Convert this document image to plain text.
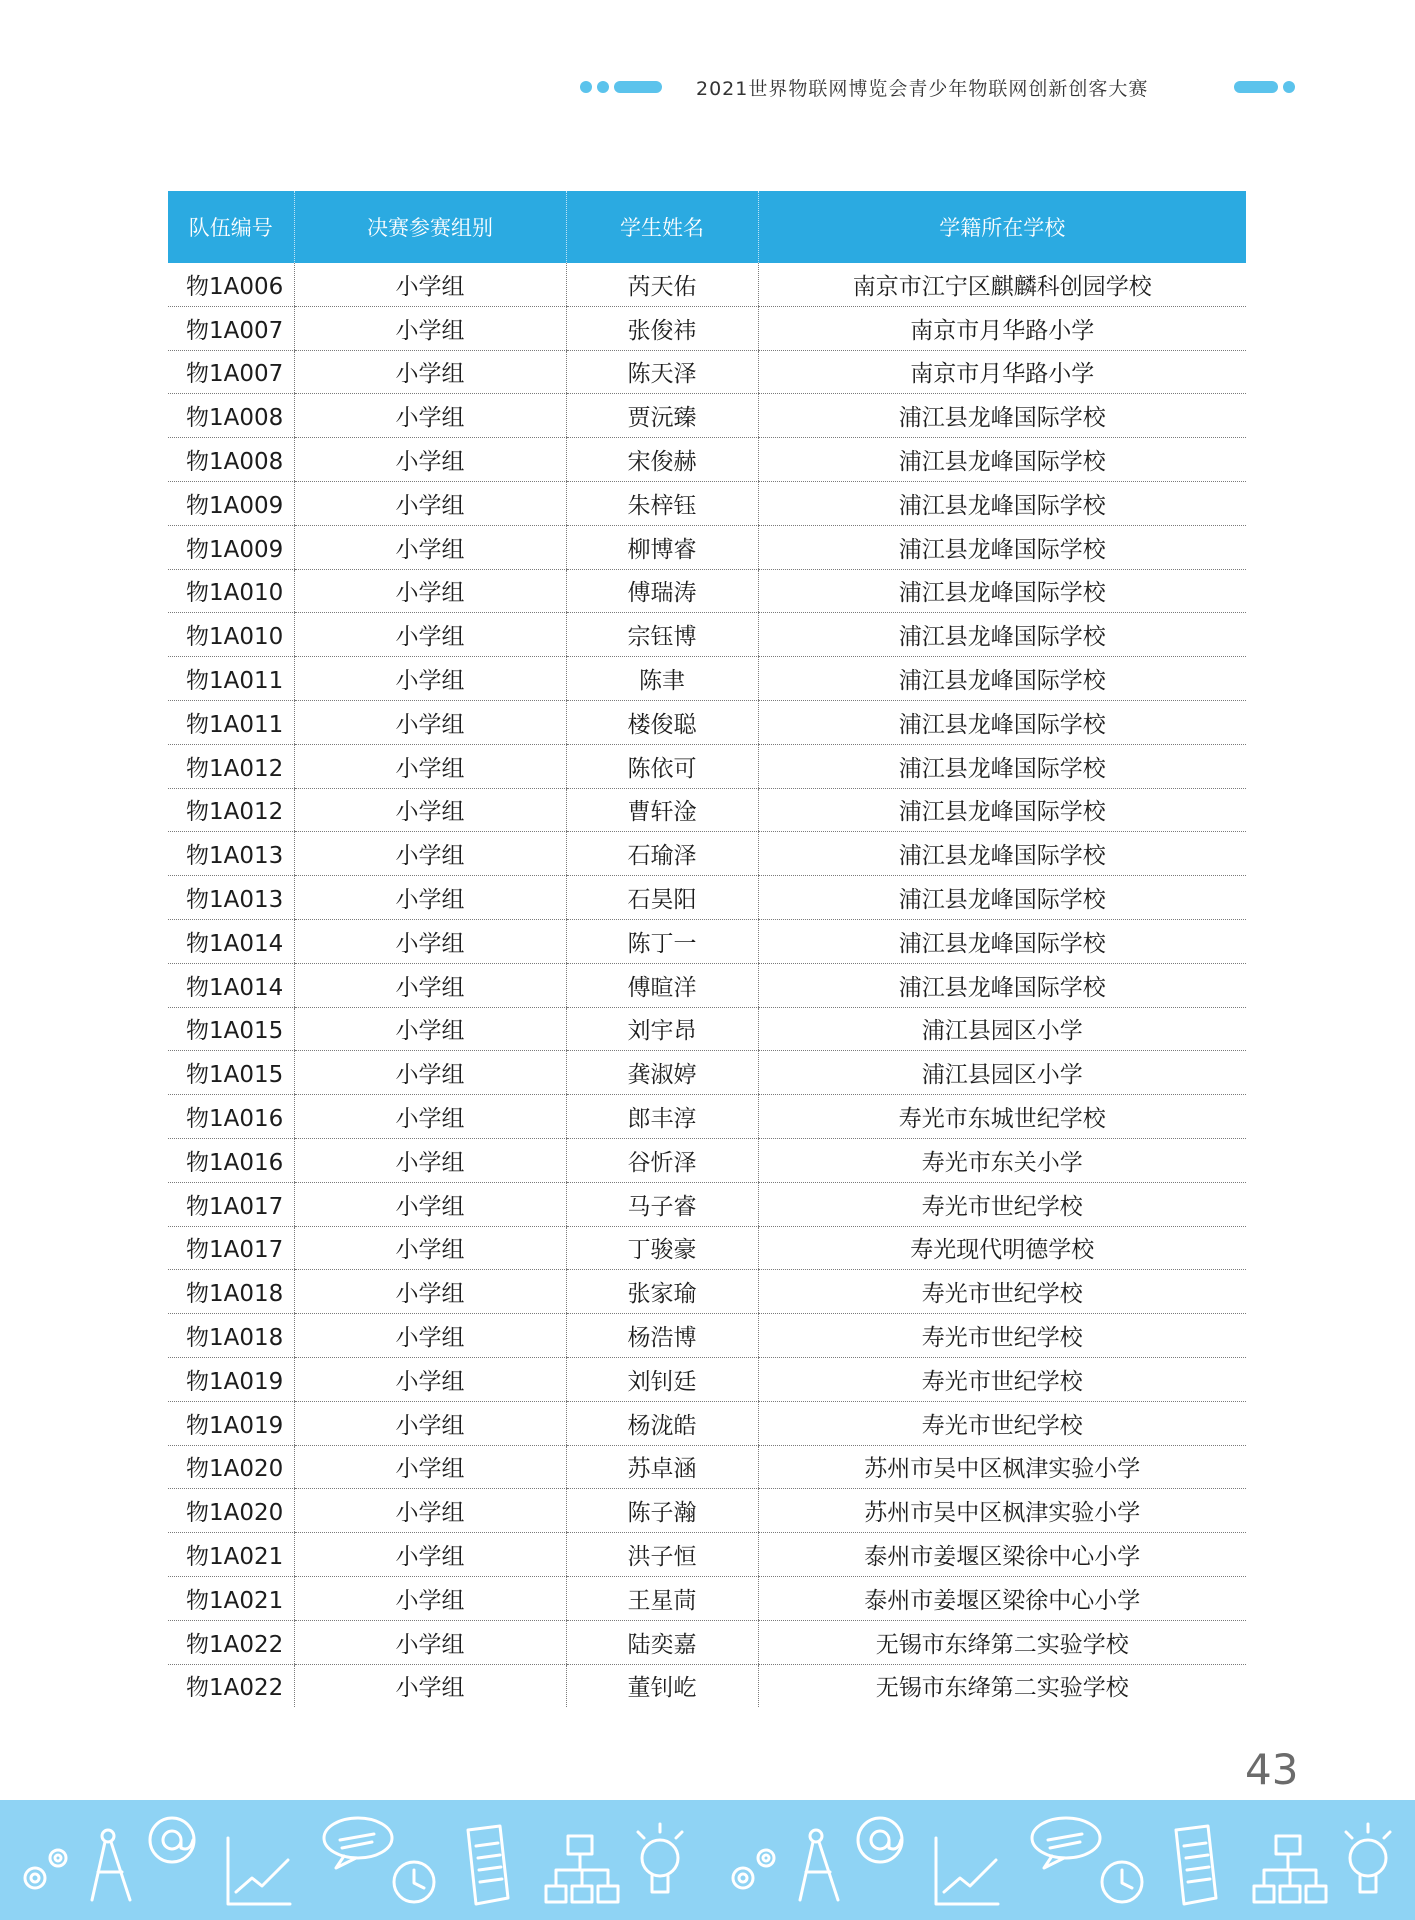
2021世界物联网博览会青少年物联网创新创客大赛
队伍编号	决赛参赛组别	学生姓名	学籍所在学校
物1A006	小学组	芮天佑	南京市江宁区麒麟科创园学校
物1A007	小学组	张俊祎	南京市月华路小学
物1A007	小学组	陈天泽	南京市月华路小学
物1A008	小学组	贾沅臻	浦江县龙峰国际学校
物1A008	小学组	宋俊赫	浦江县龙峰国际学校
物1A009	小学组	朱梓钰	浦江县龙峰国际学校
物1A009	小学组	柳博睿	浦江县龙峰国际学校
物1A010	小学组	傅瑞涛	浦江县龙峰国际学校
物1A010	小学组	宗钰博	浦江县龙峰国际学校
物1A011	小学组	陈聿	浦江县龙峰国际学校
物1A011	小学组	楼俊聪	浦江县龙峰国际学校
物1A012	小学组	陈依可	浦江县龙峰国际学校
物1A012	小学组	曹轩淦	浦江县龙峰国际学校
物1A013	小学组	石瑜泽	浦江县龙峰国际学校
物1A013	小学组	石昊阳	浦江县龙峰国际学校
物1A014	小学组	陈丁一	浦江县龙峰国际学校
物1A014	小学组	傅暄洋	浦江县龙峰国际学校
物1A015	小学组	刘宇昂	浦江县园区小学
物1A015	小学组	龚淑婷	浦江县园区小学
物1A016	小学组	郎丰淳	寿光市东城世纪学校
物1A016	小学组	谷忻泽	寿光市东关小学
物1A017	小学组	马子睿	寿光市世纪学校
物1A017	小学组	丁骏豪	寿光现代明德学校
物1A018	小学组	张家瑜	寿光市世纪学校
物1A018	小学组	杨浩博	寿光市世纪学校
物1A019	小学组	刘钊廷	寿光市世纪学校
物1A019	小学组	杨泷皓	寿光市世纪学校
物1A020	小学组	苏卓涵	苏州市吴中区枫津实验小学
物1A020	小学组	陈子瀚	苏州市吴中区枫津实验小学
物1A021	小学组	洪子恒	泰州市姜堰区梁徐中心小学
物1A021	小学组	王星茼	泰州市姜堰区梁徐中心小学
物1A022	小学组	陆奕嘉	无锡市东绛第二实验学校
物1A022	小学组	董钊屹	无锡市东绛第二实验学校
43
